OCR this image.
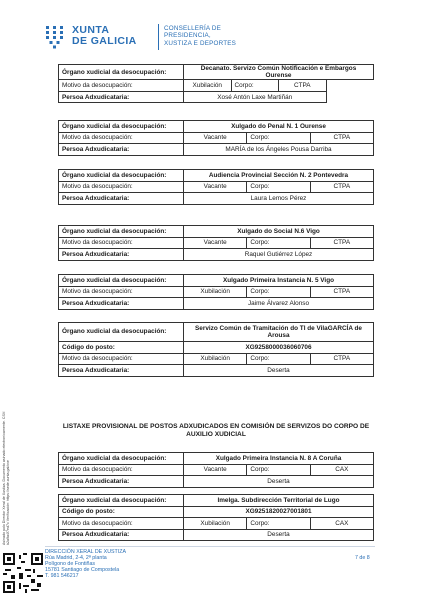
XUNTA
DE GALICIA
CONSELLERÍA DE
PRESIDENCIA,
XUSTIZA E DEPORTES
Asinado polo Director Xeral de Xustiza. Documento asinado electronicamente. CSV: b2a9a4f7ed7c Verificación: https://sede.xunta.gal/cve
Órgano xudicial da desocupación:	Decanato. Servizo Común Notificación e Embargos Ourense		
Motivo da desocupación:	Xubilación	Corpo:	CTPA
Persoa Adxudicataria:	Xosé Antón Laxe Martiñán		
Órgano xudicial da desocupación:	Xulgado do Penal N. 1 Ourense		
Motivo da desocupación:	Vacante	Corpo:	CTPA
Persoa Adxudicataria:	MARÍA de los Ángeles Pousa Darriba		
Órgano xudicial da desocupación:	Audiencia Provincial Sección N. 2 Pontevedra		
Motivo da desocupación:	Vacante	Corpo:	CTPA
Persoa Adxudicataria:	Laura Lemos Pérez		
Órgano xudicial da desocupación:	Xulgado do Social N.6 Vigo		
Motivo da desocupación:	Vacante	Corpo:	CTPA
Persoa Adxudicataria:	Raquel Gutiérrez López		
Órgano xudicial da desocupación:	Xulgado Primeira Instancia N. 5 Vigo		
Motivo da desocupación:	Xubilación	Corpo:	CTPA
Persoa Adxudicataria:	Jaime Álvarez Alonso		
Órgano xudicial da desocupación:	Servizo Común de Tramitación do TI de VilaGARCÍA de Arousa		
Código do posto:	XG9258000036060706		
Motivo da desocupación:	Xubilación	Corpo:	CTPA
Persoa Adxudicataria:	Deserta		
LISTAXE PROVISIONAL DE POSTOS ADXUDICADOS EN COMISIÓN DE SERVIZOS DO CORPO DE AUXILIO XUDICIAL
Órgano xudicial da desocupación:	Xulgado Primeira Instancia N. 8 A Coruña		
Motivo da desocupación:	Vacante	Corpo:	CAX
Persoa Adxudicataria:	Deserta		
Órgano xudicial da desocupación:	Imelga. Subdirección Territorial de Lugo		
Código do posto:	XG9251820027001801		
Motivo da desocupación:	Xubilación	Corpo:	CAX
Persoa Adxudicataria:	Deserta		
DIRECCIÓN XERAL DE XUSTIZA
Rúa Madrid, 2-4, 2ª planta
Polígono de Fontiñas
15781 Santiago de Compostela
T. 981 546217
7 de 8
